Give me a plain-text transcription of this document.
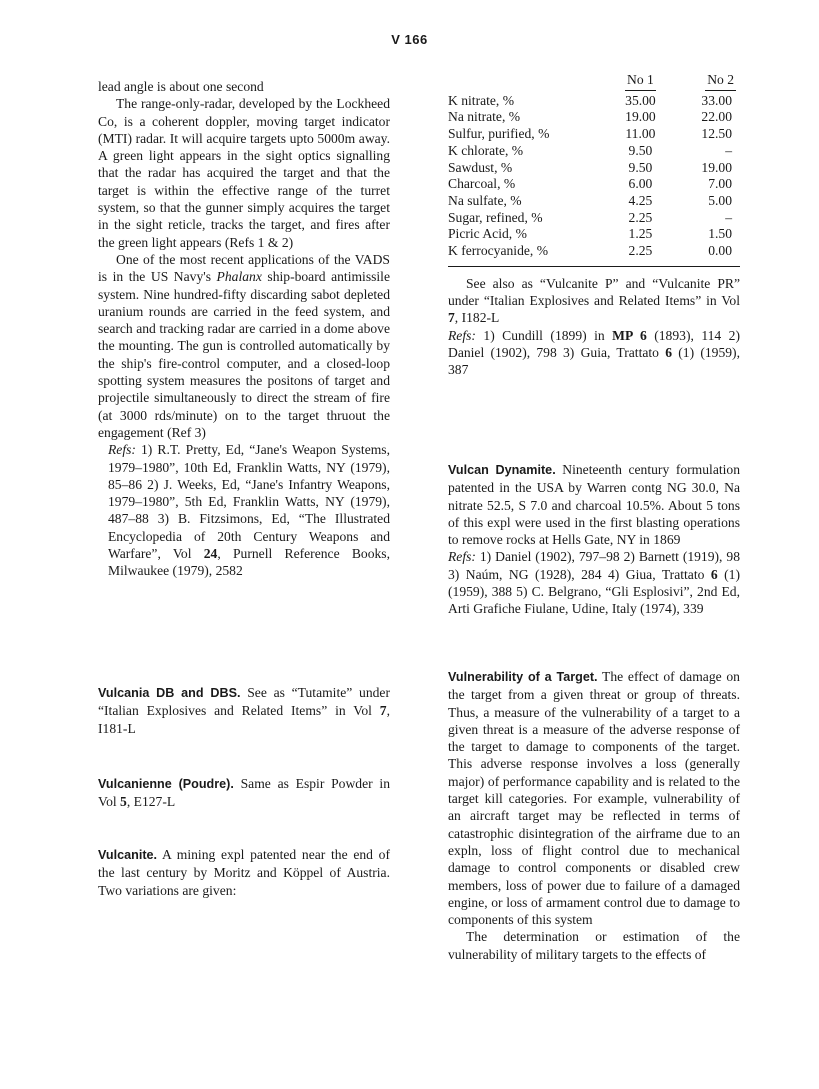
V 166

lead angle is about one second

The range-only-radar, developed by the Lockheed Co, is a coherent doppler, moving target indicator (MTI) radar. It will acquire targets upto 5000m away. A green light appears in the sight optics signalling that the radar has acquired the target and that the target is within the effective range of the turret system, so that the gunner simply acquires the target in the sight reticle, tracks the target, and fires after the green light appears (Refs 1 & 2)

One of the most recent applications of the VADS is in the US Navy's Phalanx ship-board antimissile system. Nine hundred-fifty discarding sabot depleted uranium rounds are carried in the feed system, and search and tracking radar are carried in a dome above the mounting. The gun is controlled automatically by the ship's fire-control computer, and a closed-loop spotting system measures the positons of target and projectile simultaneously to direct the stream of fire (at 3000 rds/minute) on to the target thruout the engagement (Ref 3)

Refs: 1) R.T. Pretty, Ed, “Jane's Weapon Systems, 1979–1980”, 10th Ed, Franklin Watts, NY (1979), 85–86 2) J. Weeks, Ed, “Jane's Infantry Weapons, 1979–1980”, 5th Ed, Franklin Watts, NY (1979), 487–88 3) B. Fitzsimons, Ed, “The Illustrated Encyclopedia of 20th Century Weapons and Warfare”, Vol 24, Purnell Reference Books, Milwaukee (1979), 2582

Vulcania DB and DBS. See as “Tutamite” under “Italian Explosives and Related Items” in Vol 7, I181-L

Vulcanienne (Poudre). Same as Espir Powder in Vol 5, E127-L

Vulcanite. A mining expl patented near the end of the last century by Moritz and Köppel of Austria. Two variations are given:

	No 1	No 2
K nitrate, %	35.00	33.00
Na nitrate, %	19.00	22.00
Sulfur, purified, %	11.00	12.50
K chlorate, %	9.50	–
Sawdust, %	9.50	19.00
Charcoal, %	6.00	7.00
Na sulfate, %	4.25	5.00
Sugar, refined, %	2.25	–
Picric Acid, %	1.25	1.50
K ferrocyanide, %	2.25	0.00

See also as “Vulcanite P” and “Vulcanite PR” under “Italian Explosives and Related Items” in Vol 7, I182-L

Refs: 1) Cundill (1899) in MP 6 (1893), 114 2) Daniel (1902), 798 3) Guia, Trattato 6 (1) (1959), 387

Vulcan Dynamite. Nineteenth century formulation patented in the USA by Warren contg NG 30.0, Na nitrate 52.5, S 7.0 and charcoal 10.5%. About 5 tons of this expl were used in the first blasting operations to remove rocks at Hells Gate, NY in 1869

Refs: 1) Daniel (1902), 797–98 2) Barnett (1919), 98 3) Naúm, NG (1928), 284 4) Giua, Trattato 6 (1) (1959), 388 5) C. Belgrano, “Gli Esplosivi”, 2nd Ed, Arti Grafiche Fiulane, Udine, Italy (1974), 339

Vulnerability of a Target. The effect of damage on the target from a given threat or group of threats. Thus, a measure of the vulnerability of a target to a given threat is a measure of the adverse response of the target to damage to components of the target. This adverse response involves a loss (generally major) of performance capability and is related to the target kill categories. For example, vulnerability of an aircraft target may be reflected in terms of catastrophic disintegration of the airframe due to an expln, loss of flight control due to mechanical damage to control components or disabled crew members, loss of power due to failure of a damaged engine, or loss of armament control due to damage to components of this system

The determination or estimation of the vulnerability of military targets to the effects of
